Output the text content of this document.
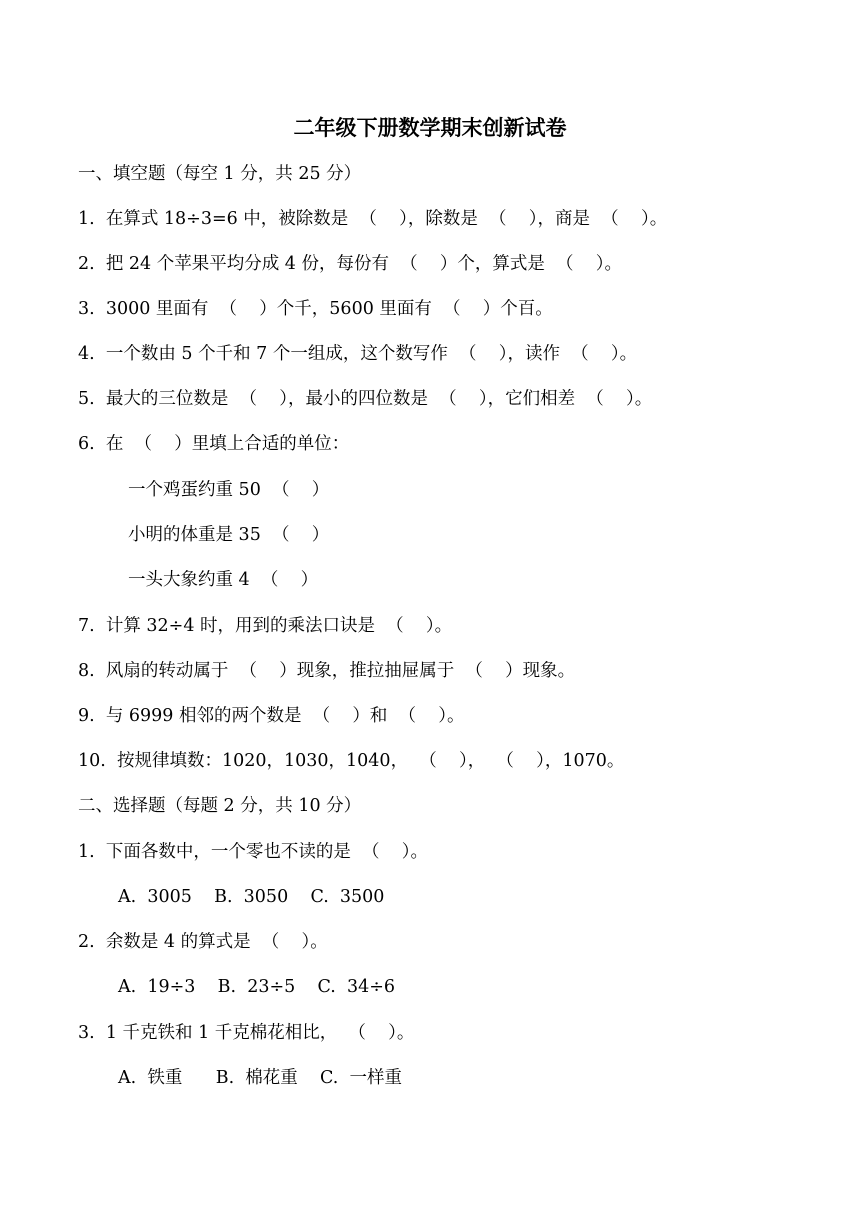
二年级下册数学期末创新试卷
一、填空题（每空 1 分，共 25 分）
1.  在算式 18÷3=6 中，被除数是  （    ），除数是  （    ），商是  （    ）。
2.  把 24 个苹果平均分成 4 份，每份有  （    ）个，算式是  （    ）。
3.  3000 里面有  （    ）个千，5600 里面有  （    ）个百。
4.  一个数由 5 个千和 7 个一组成，这个数写作  （    ），读作  （    ）。
5.  最大的三位数是  （    ），最小的四位数是  （    ），它们相差  （    ）。
6.  在  （    ）里填上合适的单位：
一个鸡蛋约重 50  （    ）
小明的体重是 35  （    ）
一头大象约重 4  （    ）
7.  计算 32÷4 时，用到的乘法口诀是  （    ）。
8.  风扇的转动属于  （    ）现象，推拉抽屉属于  （    ）现象。
9.  与 6999 相邻的两个数是  （    ）和  （    ）。
10.  按规律填数：1020，1030，1040，  （    ），  （    ），1070。
二、选择题（每题 2 分，共 10 分）
1.  下面各数中，一个零也不读的是  （    ）。
A.  3005    B.  3050    C.  3500
2.  余数是 4 的算式是  （    ）。
A.  19÷3    B.  23÷5    C.  34÷6
3.  1 千克铁和 1 千克棉花相比，  （    ）。
A.  铁重      B.  棉花重    C.  一样重
